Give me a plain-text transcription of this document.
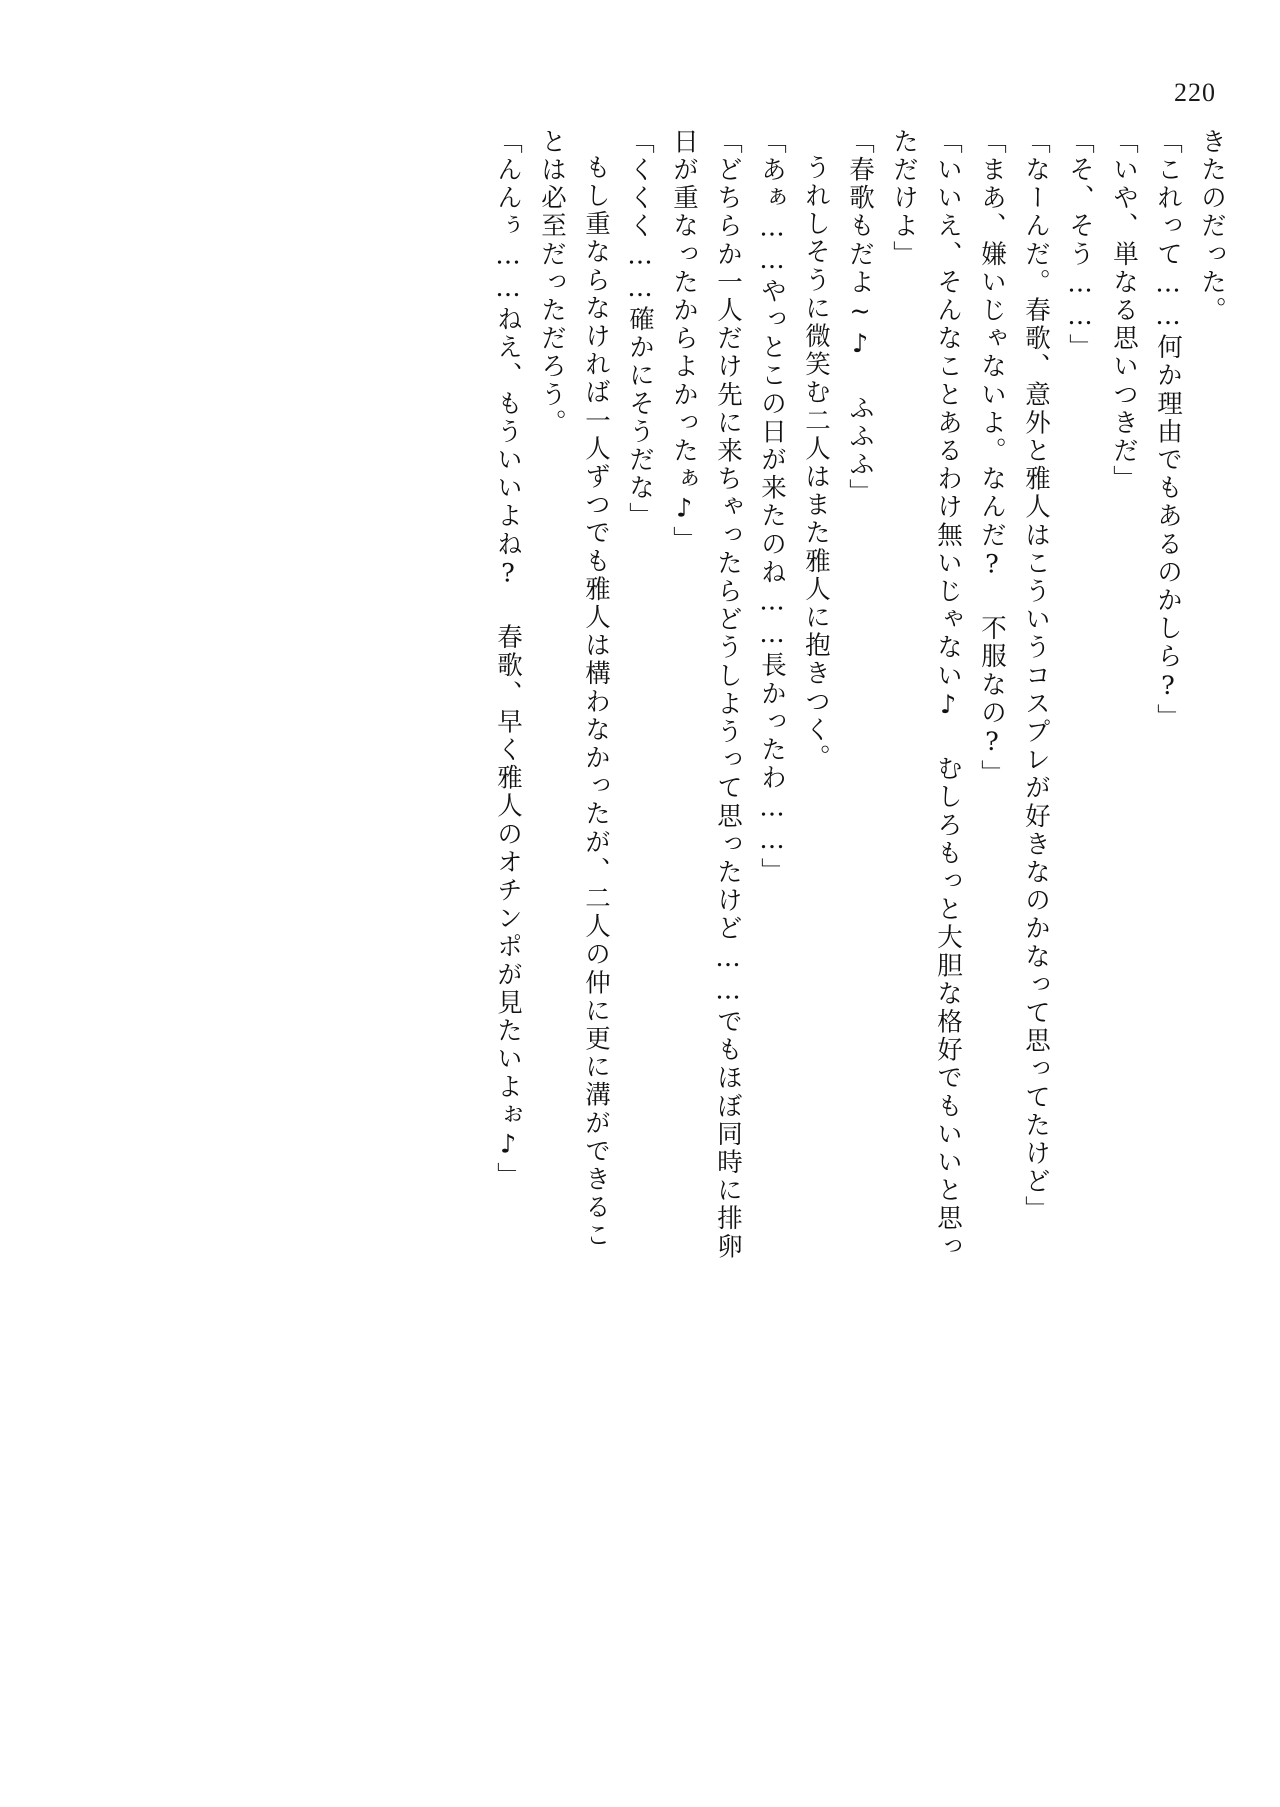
220
きたのだった。
「これって……何か理由でもあるのかしら?」
「いや、単なる思いつきだ」
「そ、そう……」
「なーんだ。春歌、意外と雅人はこういうコスプレが好きなのかなって思ってたけど」
「まあ、嫌いじゃないよ。なんだ? 不服なの?」
「いいえ、そんなことあるわけ無いじゃない♪ むしろもっと大胆な格好でもいいと思っ
ただけよ」
「春歌もだよ~♪ ふふふ」
うれしそうに微笑む二人はまた雅人に抱きつく。
「あぁ……やっとこの日が来たのね……長かったわ……」
「どちらか一人だけ先に来ちゃったらどうしようって思ったけど……でもほぼ同時に排卵
日が重なったからよかったぁ♪」
「くくく……確かにそうだな」
もし重ならなければ一人ずつでも雅人は構わなかったが、二人の仲に更に溝ができるこ
とは必至だっただろう。
「んんぅ……ねえ、もういいよね? 春歌、早く雅人のオチンポが見たいよぉ♪」
